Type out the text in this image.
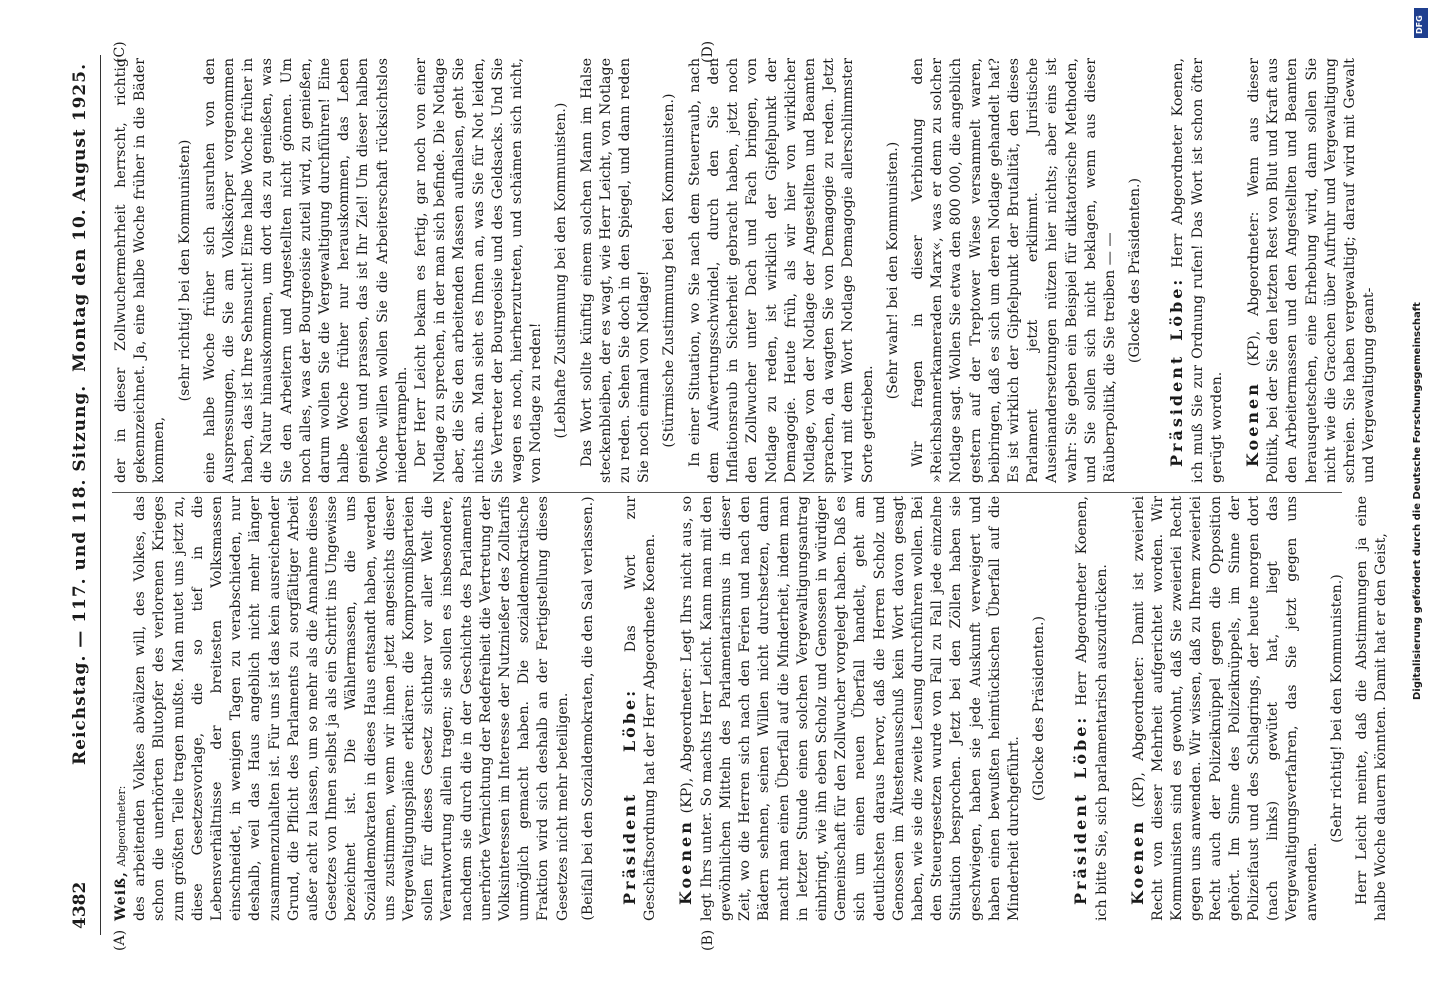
4382
Reichstag. — 117. und 118. Sitzung.
Montag den 10. August 1925.
(A)	(B)
(C)	(D)

Weiß, Abgeordneter: des arbeitenden Volkes abwälzen will, des Volkes, das schon die unerhörten Blutopfer des verlorenen Krieges zum größten Teile tragen mußte. Man mutet uns jetzt zu, diese Gesetzesvorlage, die so tief in die Lebensverhältnisse der breitesten Volksmassen einschneidet, in wenigen Tagen zu verabschieden, nur deshalb, weil das Haus angeblich nicht mehr länger zusammenzuhalten ist. Für uns ist das kein ausreichender Grund, die Pflicht des Parlaments zu sorgfältiger Arbeit außer acht zu lassen, um so mehr als die Annahme dieses Gesetzes von Ihnen selbst ja als ein Schritt ins Ungewisse bezeichnet ist. Die Wählermassen, die uns Sozialdemokraten in dieses Haus entsandt haben, werden uns zustimmen, wenn wir ihnen jetzt angesichts dieser Vergewaltigungspläne erklären: die Kompromißparteien sollen für dieses Gesetz sichtbar vor aller Welt die Verantwortung allein tragen; sie sollen es insbesondere, nachdem sie durch die in der Geschichte des Parlaments unerhörte Vernichtung der Redefreiheit die Vertretung der Volksinteressen im Interesse der Nutznießer des Zolltarifs unmöglich gemacht haben. Die sozialdemokratische Fraktion wird sich deshalb an der Fertigstellung dieses Gesetzes nicht mehr beteiligen. (Beifall bei den Sozialdemokraten, die den Saal verlassen.) Präsident Löbe: Das Wort zur Geschäftsordnung hat der Herr Abgeordnete Koenen. Koenen (KP), Abgeordneter: Legt Ihrs nicht aus, so legt Ihrs unter. So machts Herr Leicht. Kann man mit den gewöhnlichen Mitteln des Parlamentarismus in dieser Zeit, wo die Herren sich nach den Ferien und nach den Bädern sehnen, seinen Willen nicht durchsetzen, dann macht man einen Überfall auf die Minderheit, indem man in letzter Stunde einen solchen Vergewaltigungsantrag einbringt, wie ihn eben Scholz und Genossen in würdiger Gemeinschaft für den Zollwucher vorgelegt haben. Daß es sich um einen neuen Überfall handelt, geht am deutlichsten daraus hervor, daß die Herren Scholz und Genossen im Ältestenausschuß kein Wort davon gesagt haben, wie sie die zweite Lesung durchführen wollen. Bei den Steuergesetzen wurde von Fall zu Fall jede einzelne Situation besprochen. Jetzt bei den Zöllen haben sie geschwiegen, haben sie jede Auskunft verweigert und haben einen bewußten heimtückischen Überfall auf die Minderheit durchgeführt.

(Glocke des Präsidenten.)

Präsident Löbe: Herr Abgeordneter Koenen, ich bitte Sie, sich parlamentarisch auszudrücken. Koenen (KP), Abgeordneter: Damit ist zweierlei Recht von dieser Mehrheit aufgerichtet worden. Wir Kommunisten sind es gewohnt, daß Sie zweierlei Recht gegen uns anwenden. Wir wissen, daß zu Ihrem zweierlei Recht auch der Polizeiknüppel gegen die Opposition gehört. Im Sinne des Polizeiknüppels, im Sinne der Polizeifaust und des Schlagrings, der heute morgen dort (nach links) gewütet hat, liegt das Vergewaltigungsverfahren, das Sie jetzt gegen uns anwenden.

(Sehr richtig! bei den Kommunisten.) Herr Leicht meinte, daß die Abstimmungen ja eine halbe Woche dauern könnten. Damit hat er den Geist,

der in dieser Zollwuchermehrheit herrscht, richtig gekennzeichnet. Ja, eine halbe Woche früher in die Bäder kommen,

(sehr richtig! bei den Kommunisten) eine halbe Woche früher sich ausruhen von den Auspressungen, die Sie am Volkskörper vorgenommen haben, das ist Ihre Sehnsucht! Eine halbe Woche früher in die Natur hinauskommen, um dort das zu genießen, was Sie den Arbeitern und Angestellten nicht gönnen. Um noch alles, was der Bourgeoisie zuteil wird, zu genießen, darum wollen Sie die Vergewaltigung durchführen! Eine halbe Woche früher nur herauskommen, das Leben genießen und prassen, das ist Ihr Ziel! Um dieser halben Woche willen wollen Sie die Arbeiterschaft rücksichtslos niedertrampeln. Der Herr Leicht bekam es fertig, gar noch von einer Notlage zu sprechen, in der man sich befinde. Die Notlage aber, die Sie den arbeitenden Massen aufhalsen, geht Sie nichts an. Man sieht es Ihnen an, was Sie für Not leiden, Sie Vertreter der Bourgeoisie und des Geldsacks. Und Sie wagen es noch, hierherzutreten, und schämen sich nicht, von Notlage zu reden! (Lebhafte Zustimmung bei den Kommunisten.) Das Wort sollte künftig einem solchen Mann im Halse steckenbleiben, der es wagt, wie Herr Leicht, von Notlage zu reden. Sehen Sie doch in den Spiegel, und dann reden Sie noch einmal von Notlage! (Stürmische Zustimmung bei den Kommunisten.) In einer Situation, wo Sie nach dem Steuerraub, nach dem Aufwertungsschwindel, durch den Sie den Inflationsraub in Sicherheit gebracht haben, jetzt noch den Zollwucher unter Dach und Fach bringen, von Notlage zu reden, ist wirklich der Gipfelpunkt der Demagogie. Heute früh, als wir hier von wirklicher Notlage, von der Notlage der Angestellten und Beamten sprachen, da wagten Sie von Demagogie zu reden. Jetzt wird mit dem Wort Notlage Demagogie allerschlimmster Sorte getrieben.

(Sehr wahr! bei den Kommunisten.) Wir fragen in dieser Verbindung den »Reichsbannerkameraden Marx«, was er denn zu solcher Notlage sagt. Wollen Sie etwa den 800 000, die angeblich gestern auf der Treptower Wiese versammelt waren, beibringen, daß es sich um deren Notlage gehandelt hat? Es ist wirklich der Gipfelpunkt der Brutalität, den dieses Parlament jetzt erklimmt. Juristische Auseinandersetzungen nützen hier nichts; aber eins ist wahr: Sie geben ein Beispiel für diktatorische Methoden, und Sie sollen sich nicht beklagen, wenn aus dieser Räuberpolitik, die Sie treiben — — (Glocke des Präsidenten.)

Präsident Löbe: Herr Abgeordneter Koenen, ich muß Sie zur Ordnung rufen! Das Wort ist schon öfter gerügt worden. Koenen (KP), Abgeordneter: Wenn aus dieser Politik, bei der Sie den letzten Rest von Blut und Kraft aus den Arbeitermassen und den Angestellten und Beamten herausquetschen, eine Erhebung wird, dann sollen Sie nicht wie die Gracchen über Aufruhr und Vergewaltigung schreien. Sie haben vergewaltigt; darauf wird mit Gewalt und Vergewaltigung geant-

DFG
Digitalisierung gefördert durch die Deutsche Forschungsgemeinschaft
